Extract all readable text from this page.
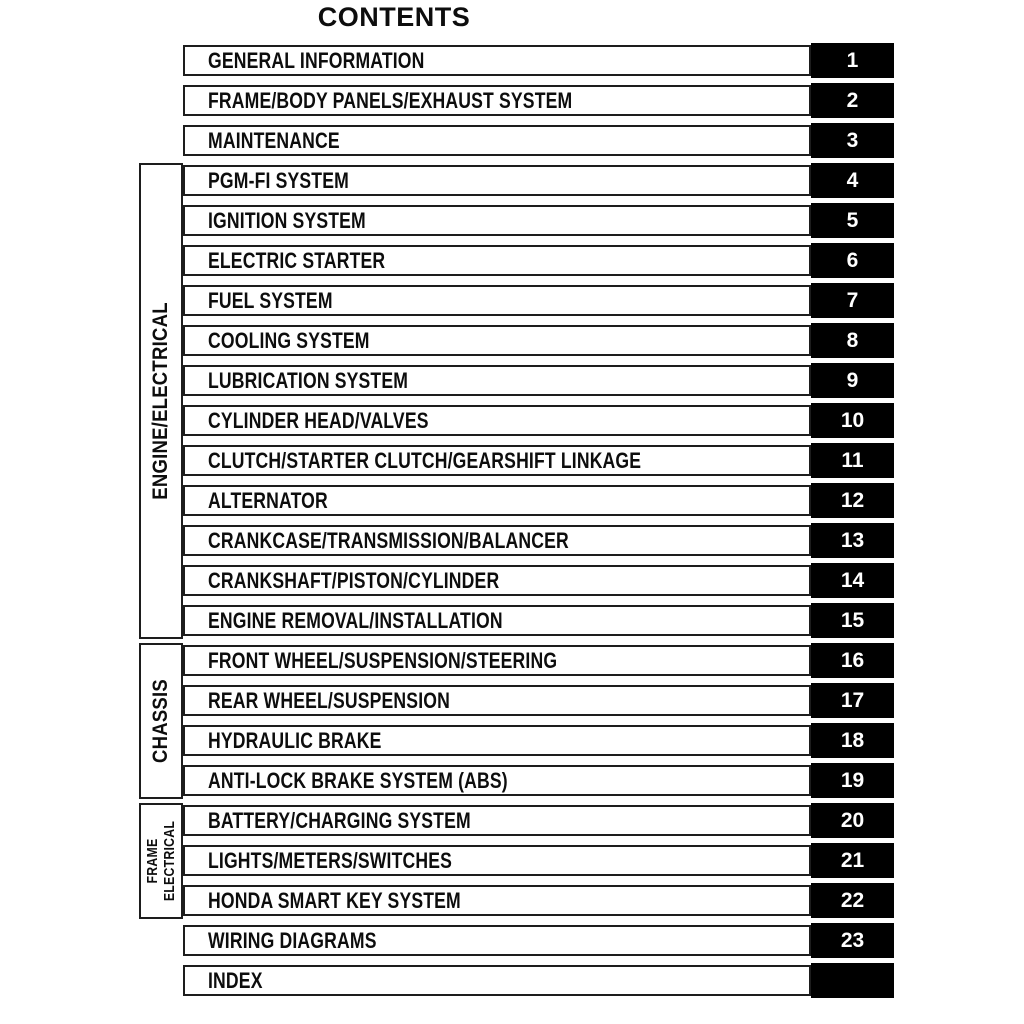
CONTENTS
ENGINE/ELECTRICAL
CHASSIS
FRAME
ELECTRICAL
GENERAL INFORMATION	1
FRAME/BODY PANELS/EXHAUST SYSTEM	2
MAINTENANCE	3
PGM-FI SYSTEM	4
IGNITION SYSTEM	5
ELECTRIC STARTER	6
FUEL SYSTEM	7
COOLING SYSTEM	8
LUBRICATION SYSTEM	9
CYLINDER HEAD/VALVES	10
CLUTCH/STARTER CLUTCH/GEARSHIFT LINKAGE	11
ALTERNATOR	12
CRANKCASE/TRANSMISSION/BALANCER	13
CRANKSHAFT/PISTON/CYLINDER	14
ENGINE REMOVAL/INSTALLATION	15
FRONT WHEEL/SUSPENSION/STEERING	16
REAR WHEEL/SUSPENSION	17
HYDRAULIC BRAKE	18
ANTI-LOCK BRAKE SYSTEM (ABS)	19
BATTERY/CHARGING SYSTEM	20
LIGHTS/METERS/SWITCHES	21
HONDA SMART KEY SYSTEM	22
WIRING DIAGRAMS	23
INDEX
